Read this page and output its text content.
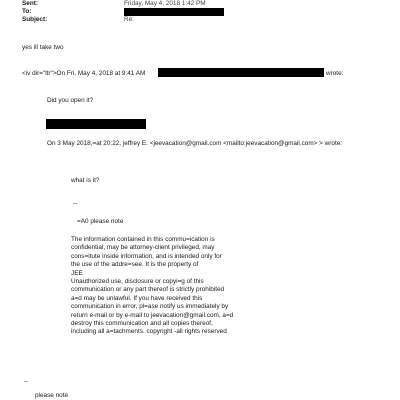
Sent:	Friday, May 4, 2018 1:42 PM
To:
Subject:	Re:
yes ill take two
<iv dir="ltr">On Fri, May 4, 2018 at 9:41 AM	wrote:
Did you open it?
On 3 May 2018,=at 20:22, jeffrey E. <jeevacation@gmail.com <mailto:jeevacation@gmail.com> > wrote:
what is it?
--
=A0 please note
The information contained in this commu=ication is
confidential, may be attorney-client privileged, may
cons=itute inside information, and is intended only for
the use of the addre=see. It is the property of
JEE
Unauthorized use, disclosure or copyi=g of this
communication or any part thereof is strictly prohibited
a=d may be unlawful. If you have received this
communication in error, pl=ase notify us immediately by
return e-mail or by e-mail to jeevacation@gmail.com, a=d
destroy this communication and all copies thereof,
including all a=tachments. copyright -all rights reserved
--
please note
